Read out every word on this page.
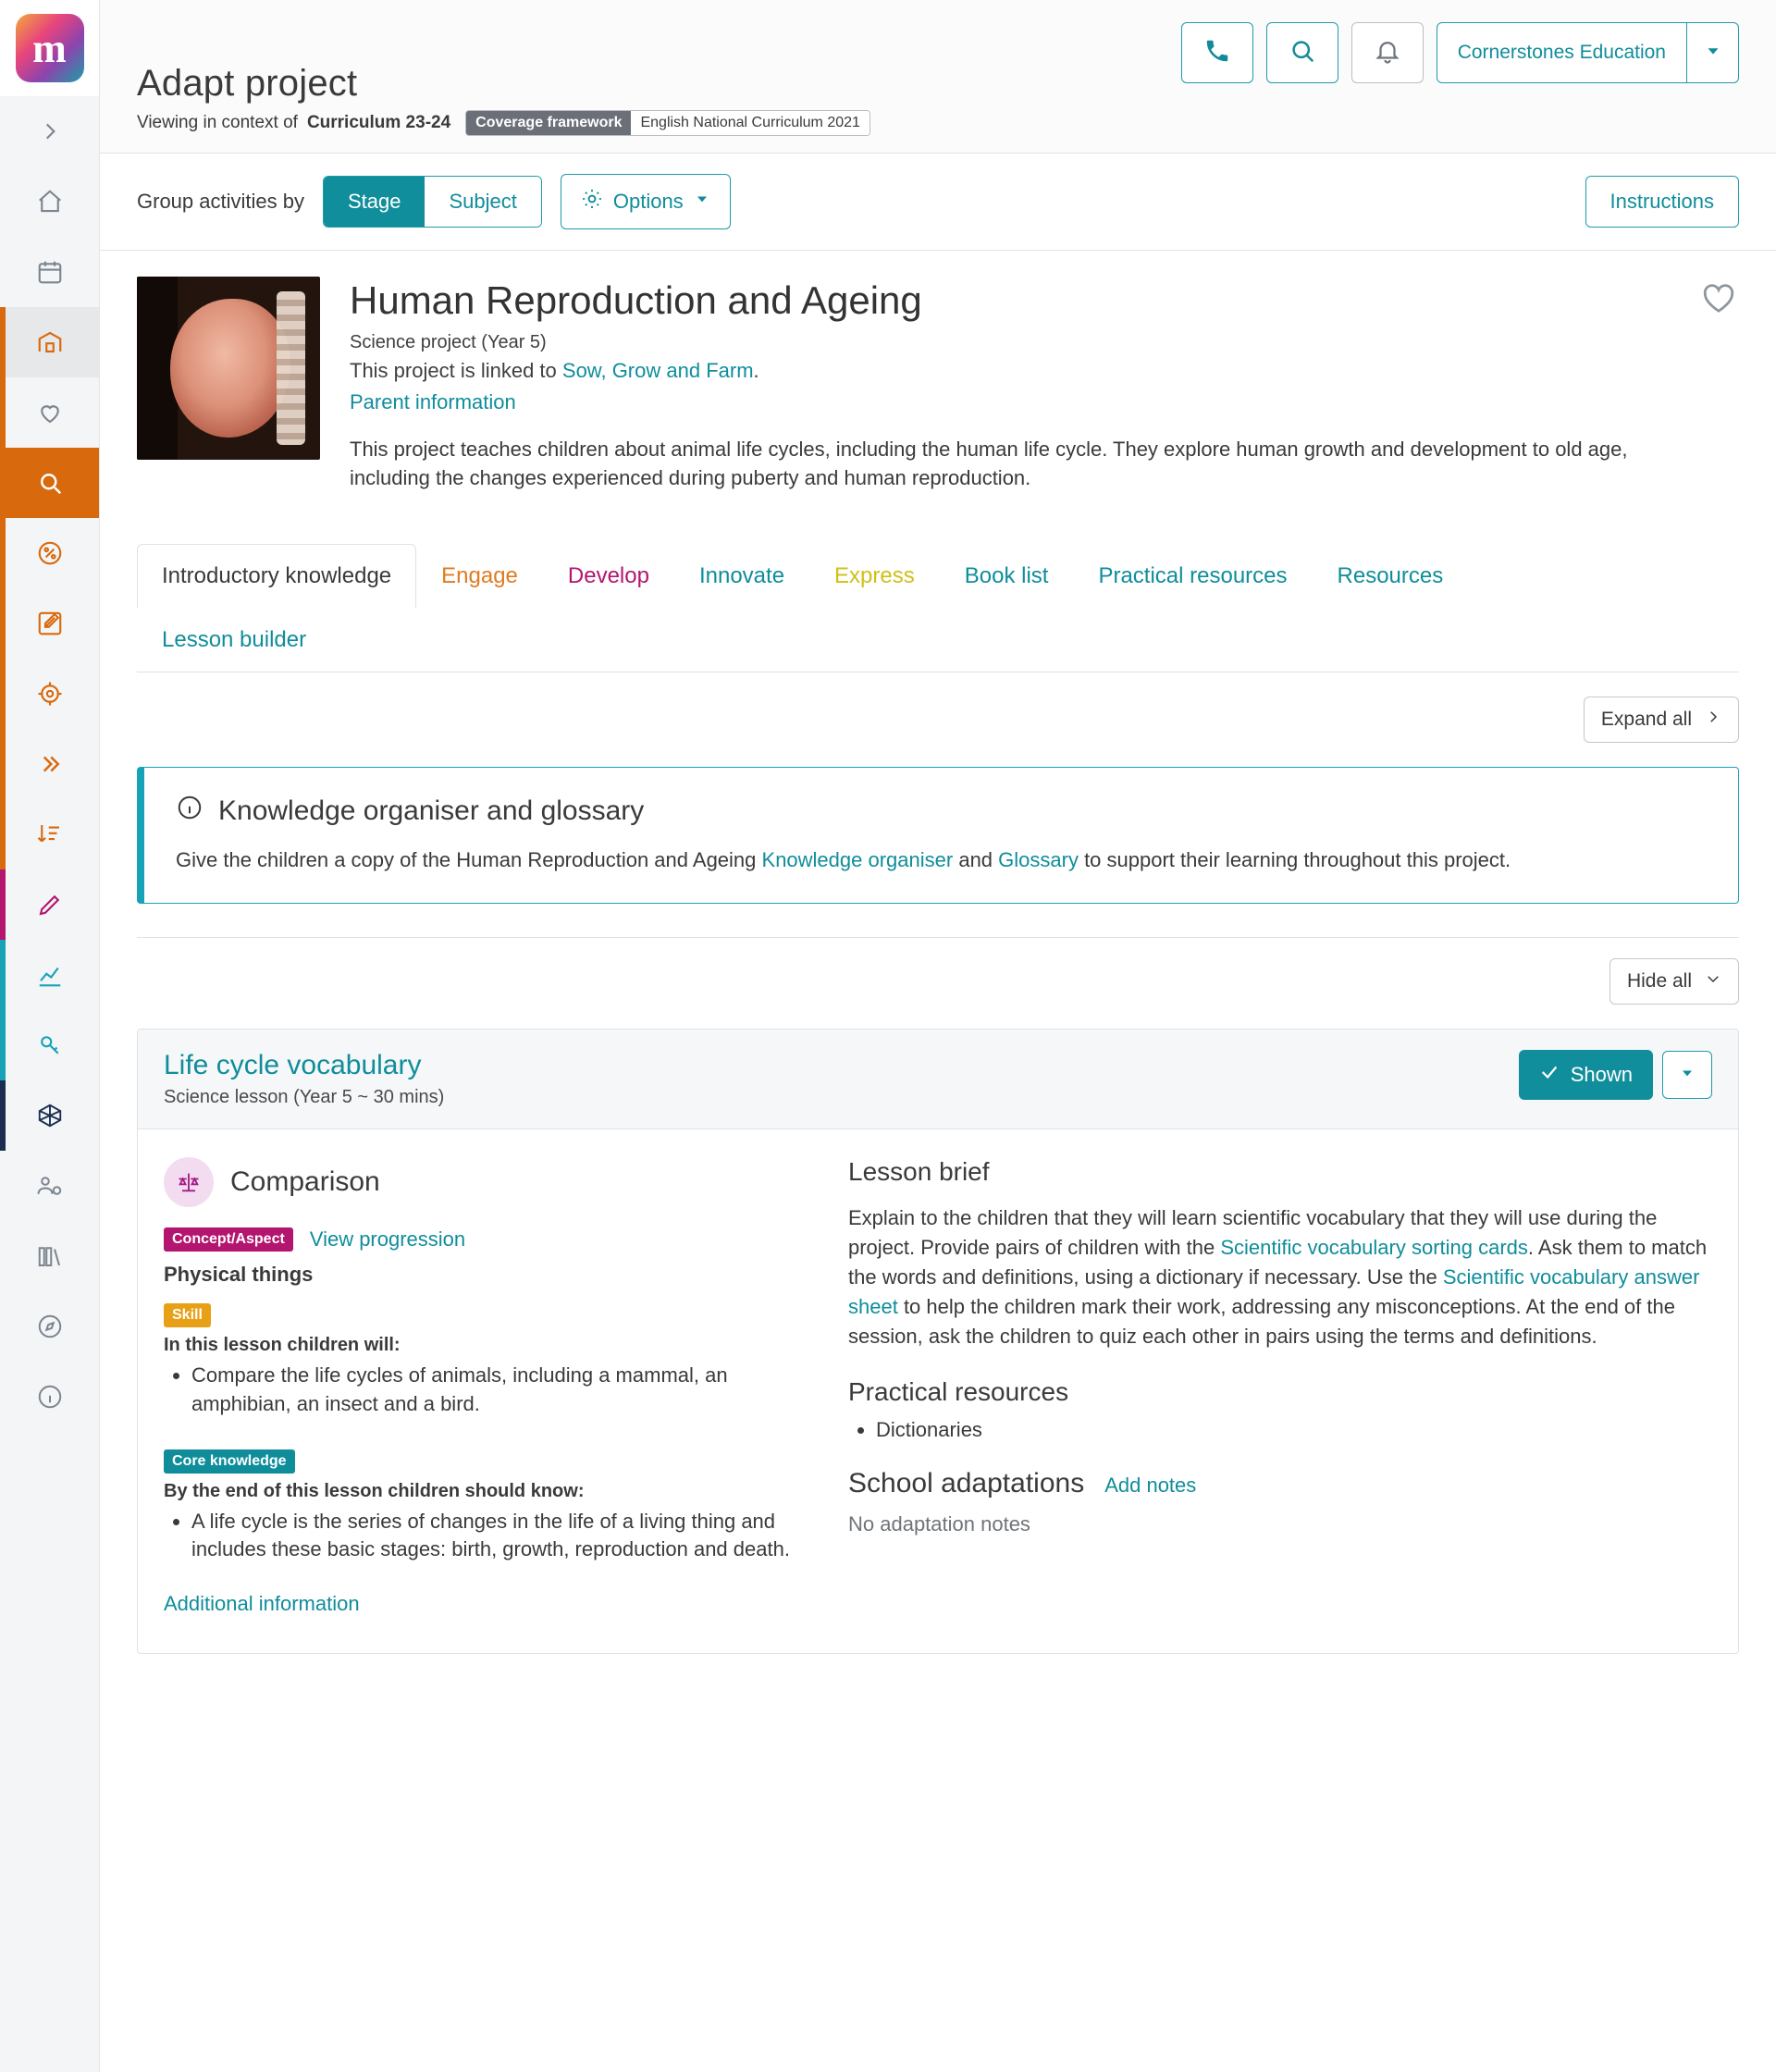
m
Adapt project
Viewing in context of Curriculum 23-24	Coverage framework	English National Curriculum 2021
Cornerstones Education
Group activities by	Stage	Subject	Options	Instructions
Human Reproduction and Ageing
Science project (Year 5)
This project is linked to Sow, Grow and Farm.
Parent information

This project teaches children about animal life cycles, including the human life cycle. They explore human growth and development to old age, including the changes experienced during puberty and human reproduction.

Introductory knowledge	Engage	Develop	Innovate	Express	Book list	Practical resources	Resources
Lesson builder
Expand all
Knowledge organiser and glossary

Give the children a copy of the Human Reproduction and Ageing Knowledge organiser and Glossary to support their learning throughout this project.

Hide all
Life cycle vocabulary
Science lesson (Year 5 ~ 30 mins)
Shown
Comparison
Concept/Aspect	View progression
Physical things
Skill
In this lesson children will:
• Compare the life cycles of animals, including a mammal, an amphibian, an insect and a bird.
Core knowledge
By the end of this lesson children should know:
• A life cycle is the series of changes in the life of a living thing and includes these basic stages: birth, growth, reproduction and death.
Additional information
Lesson brief

Explain to the children that they will learn scientific vocabulary that they will use during the project. Provide pairs of children with the Scientific vocabulary sorting cards. Ask them to match the words and definitions, using a dictionary if necessary. Use the Scientific vocabulary answer sheet to help the children mark their work, addressing any misconceptions. At the end of the session, ask the children to quiz each other in pairs using the terms and definitions.

Practical resources
• Dictionaries
School adaptations Add notes
No adaptation notes
